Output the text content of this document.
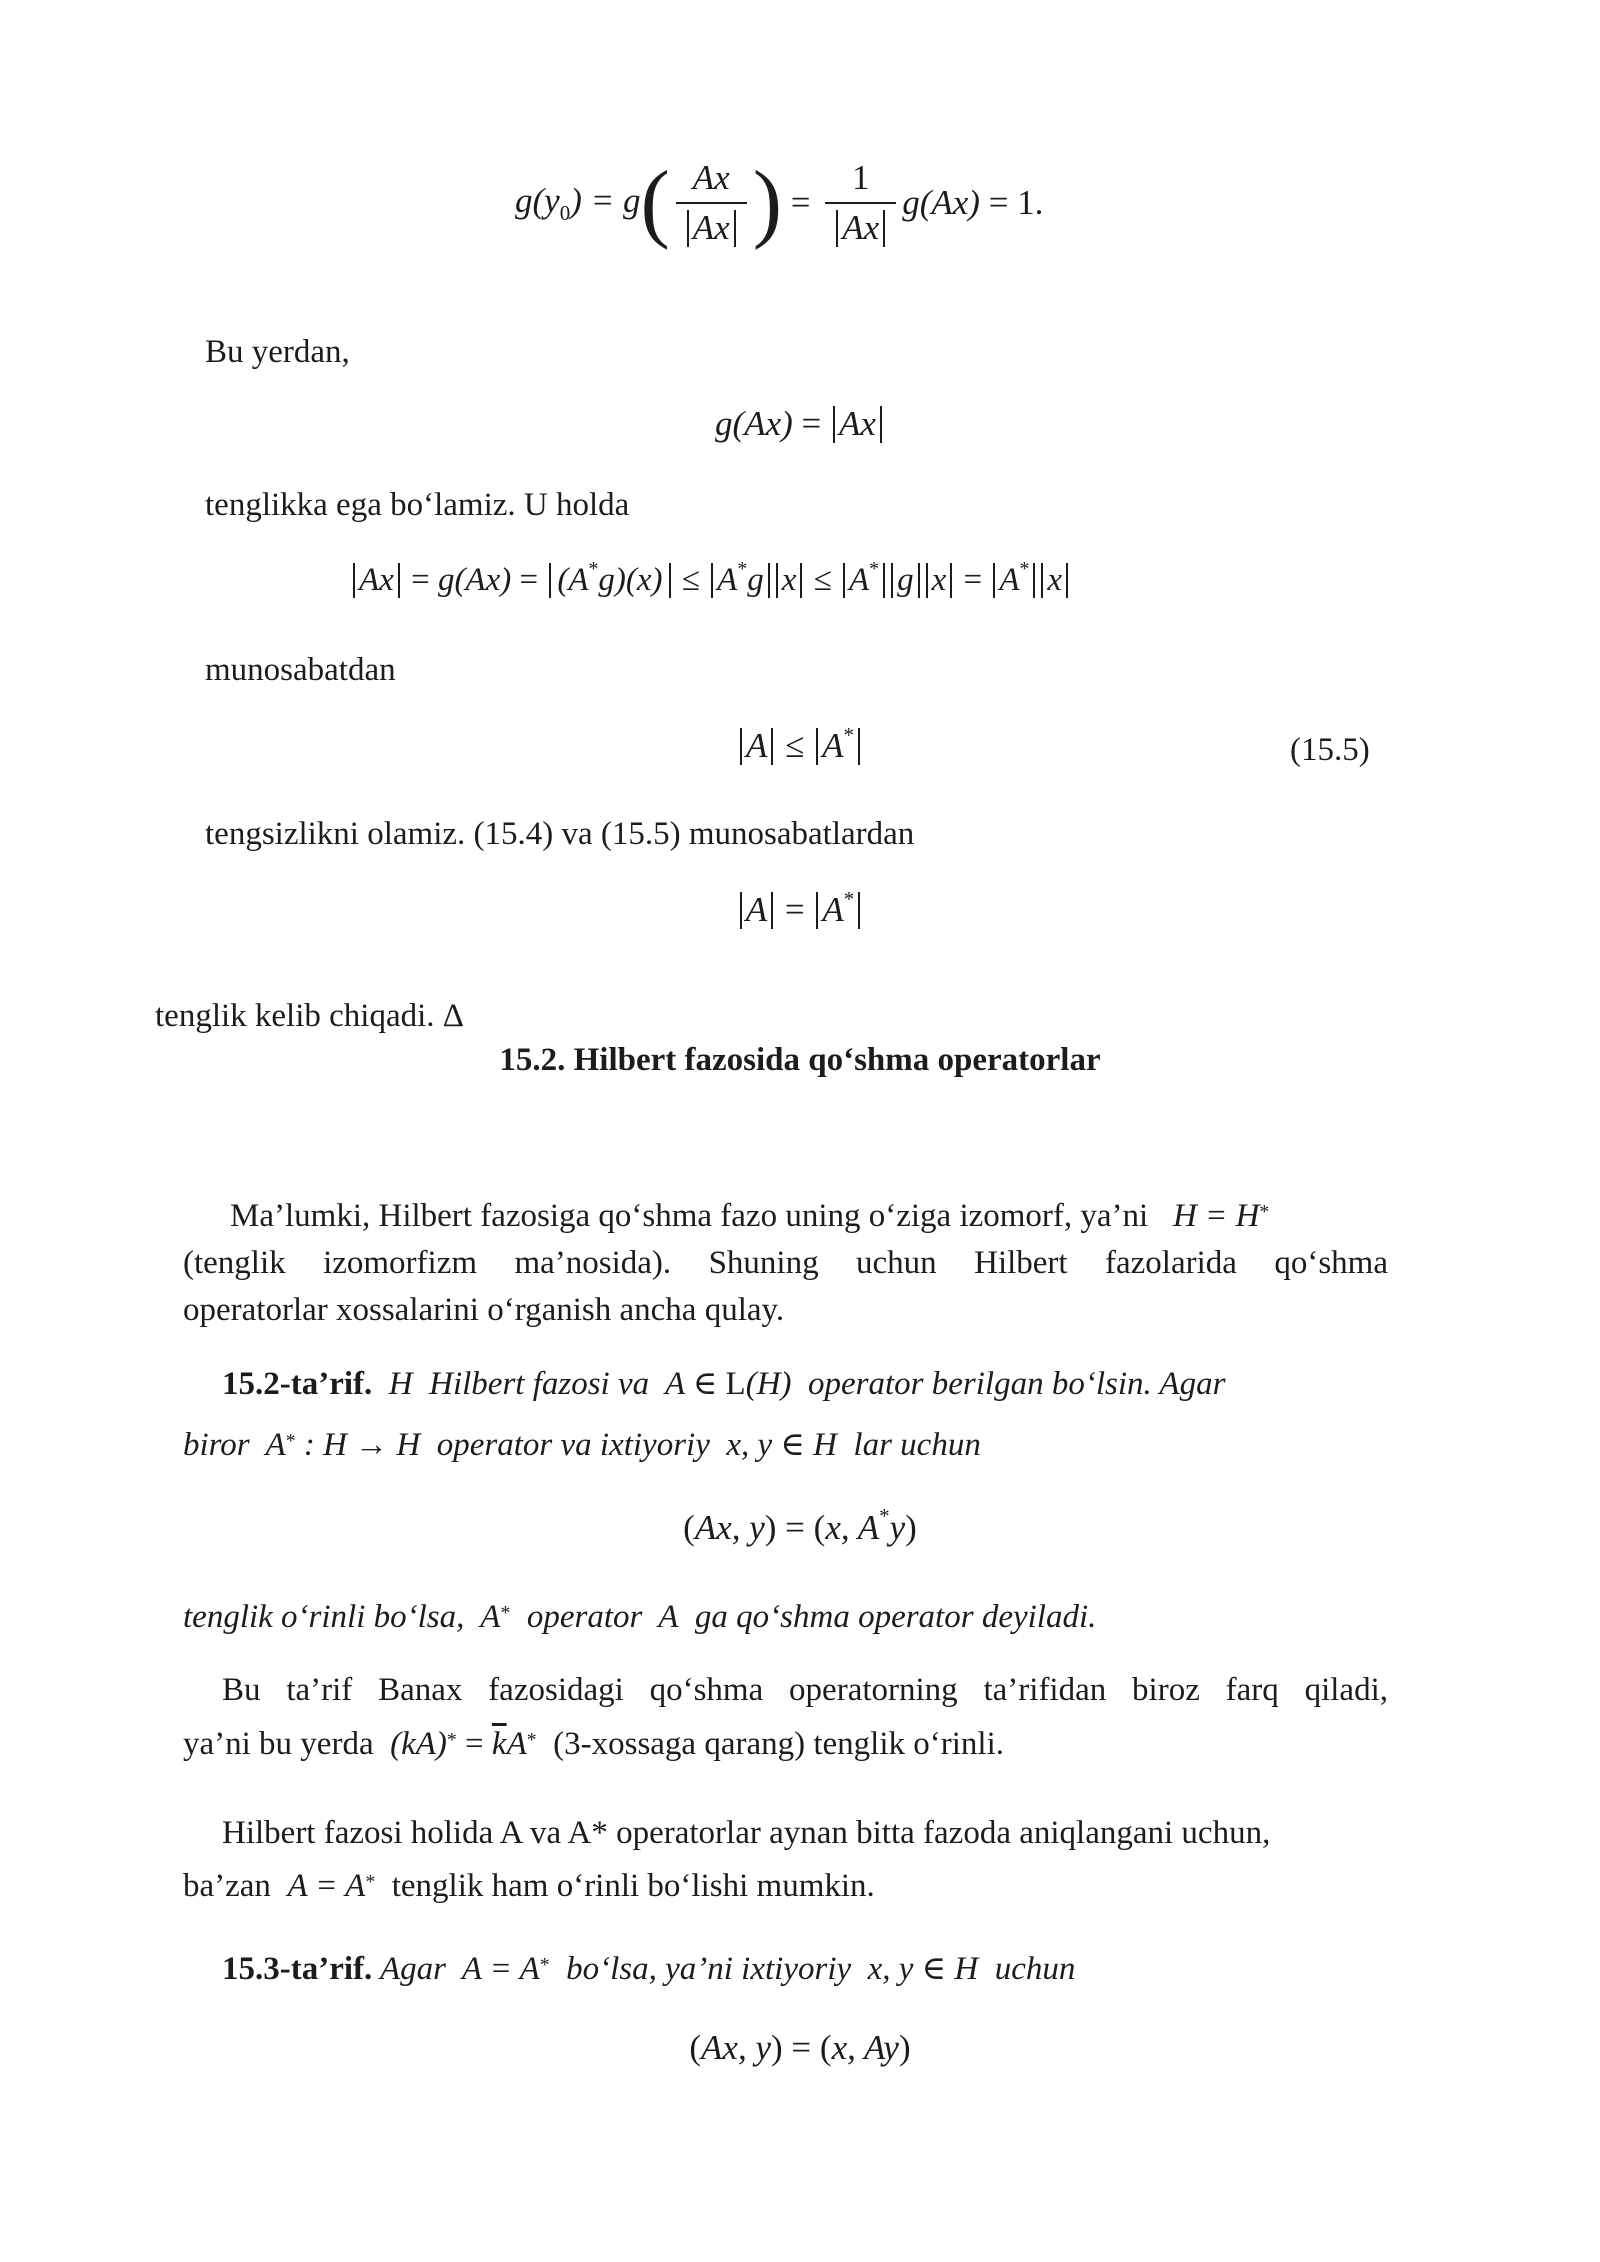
$g(y_0) = g$ ( $\frac{Ax}{Ax}$ ) = $\frac{1}{Ax} g(Ax) = 1$.
Bu yerdan,
g(Ax) = Ax
tenglikka ega bo‘lamiz. U holda
Ax = g(Ax) = (A*g)(x) ≤ A*g x ≤ A* g x = A* x
munosabatdan
A ≤ A*	(15.5)
tengsizlikni olamiz. (15.4) va (15.5) munosabatlardan
A = A*
tenglik kelib chiqadi. Δ
15.2. Hilbert fazosida qo‘shma operatorlar
Ma’lumki, Hilbert fazosiga qo‘shma fazo uning o‘ziga izomorf, ya’ni   H = H*
(tenglik izomorfizm ma’nosida). Shuning uchun Hilbert fazolarida qo‘shma
operatorlar xossalarini o‘rganish ancha qulay.
15.2-ta’rif.  H  Hilbert fazosi va  A ∈ L(H)  operator berilgan bo‘lsin. Agar
biror  A* : H → H  operator va ixtiyoriy  x, y ∈ H  lar uchun
(Ax, y) = (x, A*y)
tenglik o‘rinli bo‘lsa,  A* operator  A  ga qo‘shma operator deyiladi.
Bu ta’rif Banax fazosidagi qo‘shma operatorning ta’rifidan biroz farq qiladi,
ya’ni bu yerda  $(kA)^* = \overline{k}A^*$ (3-xossaga qarang) tenglik o‘rinli.
Hilbert fazosi holida A va A* operatorlar aynan bitta fazoda aniqlangani uchun,
ba’zan  A = A* tenglik ham o‘rinli bo‘lishi mumkin.
15.3-ta’rif. Agar  A = A* bo‘lsa, ya’ni ixtiyoriy  x, y ∈ H  uchun
(Ax, y) = (x, Ay)
